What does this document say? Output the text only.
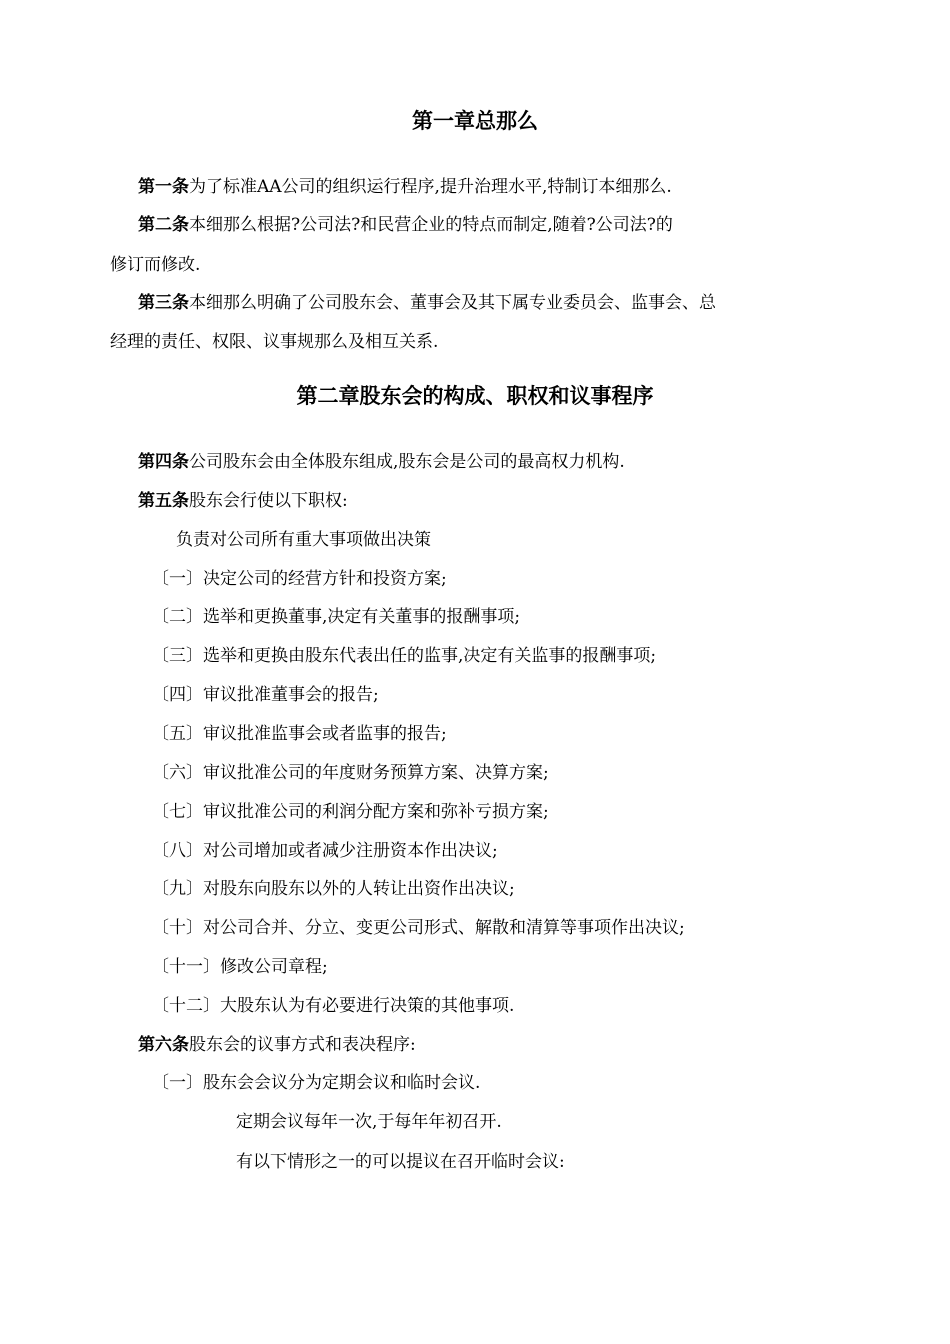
第一章总那么
第一条为了标准AA公司的组织运行程序,提升治理水平,特制订本细那么.
第二条本细那么根据?公司法?和民营企业的特点而制定,随着?公司法?的
修订而修改.
第三条本细那么明确了公司股东会、董事会及其下属专业委员会、监事会、总
经理的责任、权限、议事规那么及相互关系.
第二章股东会的构成、职权和议事程序
第四条公司股东会由全体股东组成,股东会是公司的最高权力机构.
第五条股东会行使以下职权:
负责对公司所有重大事项做出决策
〔一〕决定公司的经营方针和投资方案;
〔二〕选举和更换董事,决定有关董事的报酬事项;
〔三〕选举和更换由股东代表出任的监事,决定有关监事的报酬事项;
〔四〕审议批准董事会的报告;
〔五〕审议批准监事会或者监事的报告;
〔六〕审议批准公司的年度财务预算方案、决算方案;
〔七〕审议批准公司的利润分配方案和弥补亏损方案;
〔八〕对公司增加或者减少注册资本作出决议;
〔九〕对股东向股东以外的人转让出资作出决议;
〔十〕对公司合并、分立、变更公司形式、解散和清算等事项作出决议;
〔十一〕修改公司章程;
〔十二〕大股东认为有必要进行决策的其他事项.
第六条股东会的议事方式和表决程序:
〔一〕股东会会议分为定期会议和临时会议.
定期会议每年一次,于每年年初召开.
有以下情形之一的可以提议在召开临时会议:
